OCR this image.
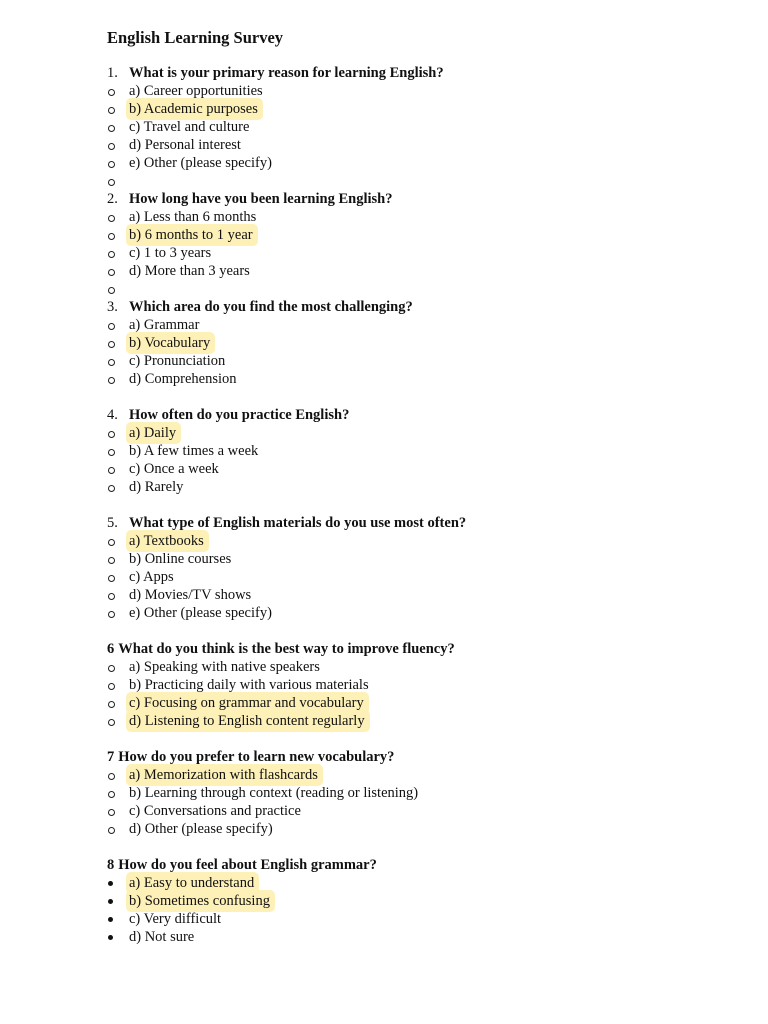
English Learning Survey
1. What is your primary reason for learning English?
a) Career opportunities
b) Academic purposes
c) Travel and culture
d) Personal interest
e) Other (please specify)
2. How long have you been learning English?
a) Less than 6 months
b) 6 months to 1 year
c) 1 to 3 years
d) More than 3 years
3. Which area do you find the most challenging?
a) Grammar
b) Vocabulary
c) Pronunciation
d) Comprehension
4. How often do you practice English?
a) Daily
b) A few times a week
c) Once a week
d) Rarely
5. What type of English materials do you use most often?
a) Textbooks
b) Online courses
c) Apps
d) Movies/TV shows
e) Other (please specify)
6 What do you think is the best way to improve fluency?
a) Speaking with native speakers
b) Practicing daily with various materials
c) Focusing on grammar and vocabulary
d) Listening to English content regularly
7 How do you prefer to learn new vocabulary?
a) Memorization with flashcards
b) Learning through context (reading or listening)
c) Conversations and practice
d) Other (please specify)
8 How do you feel about English grammar?
a) Easy to understand
b) Sometimes confusing
c) Very difficult
d) Not sure
